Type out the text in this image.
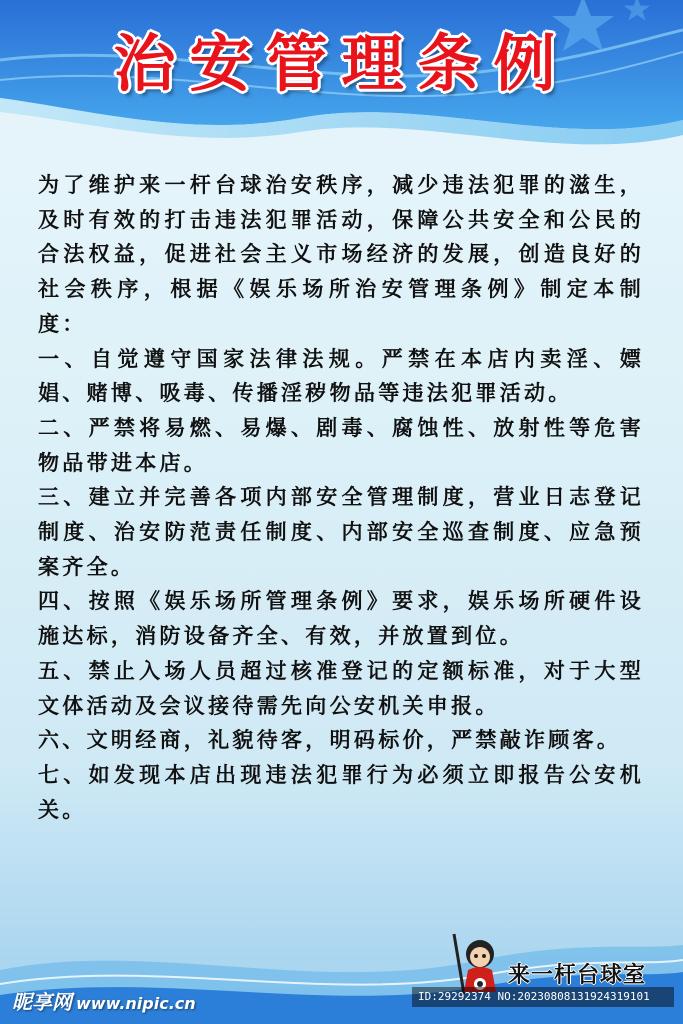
治安管理条例

为了维护来一杆台球治安秩序，减少违法犯罪的滋生，及时有效的打击违法犯罪活动，保障公共安全和公民的合法权益，促进社会主义市场经济的发展，创造良好的社会秩序，根据《娱乐场所治安管理条例》制定本制度：

一、自觉遵守国家法律法规。严禁在本店内卖淫、嫖娼、赌博、吸毒、传播淫秽物品等违法犯罪活动。

二、严禁将易燃、易爆、剧毒、腐蚀性、放射性等危害物品带进本店。

三、建立并完善各项内部安全管理制度，营业日志登记制度、治安防范责任制度、内部安全巡查制度、应急预案齐全。

四、按照《娱乐场所管理条例》要求，娱乐场所硬件设施达标，消防设备齐全、有效，并放置到位。

五、禁止入场人员超过核准登记的定额标准，对于大型文体活动及会议接待需先向公安机关申报。

六、文明经商，礼貌待客，明码标价，严禁敲诈顾客。

七、如发现本店出现违法犯罪行为必须立即报告公安机关。

来一杆台球室
昵享网 www.nipic.cn	ID:29292374 NO:20230808131924319101
